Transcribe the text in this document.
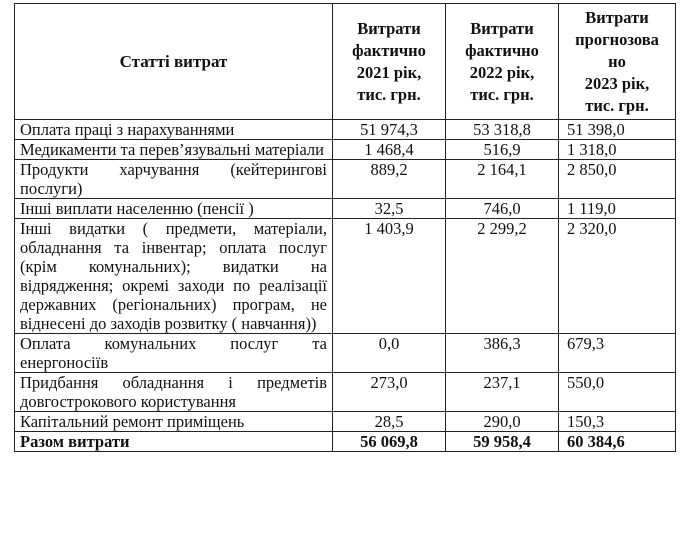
Статті витрат	Витрати
фактично
2021 рік,
тис. грн.	Витрати
фактично
2022 рік,
тис. грн.	Витрати
прогнозова
но
2023 рік,
тис. грн.
Оплата праці з нарахуваннями	51 974,3	53 318,8	51 398,0
Медикаменти та перев’язувальні матеріали	1 468,4	516,9	1 318,0
Продукти харчування (кейтерингові послуги)	889,2	2 164,1	2 850,0
Інші виплати населенню (пенсії )	32,5	746,0	1 119,0
Інші видатки ( предмети, матеріали, обладнання та інвентар; оплата послуг (крім комунальних); видатки на відрядження; окремі заходи по реалізації державних (регіональних) програм, не віднесені до заходів розвитку ( навчання))	1 403,9	2 299,2	2 320,0
Оплата комунальних послуг та енергоносіїв	0,0	386,3	679,3
Придбання обладнання і предметів довгострокового користування	273,0	237,1	550,0
Капітальний ремонт приміщень	28,5	290,0	150,3
Разом витрати	56 069,8	59 958,4	60 384,6
